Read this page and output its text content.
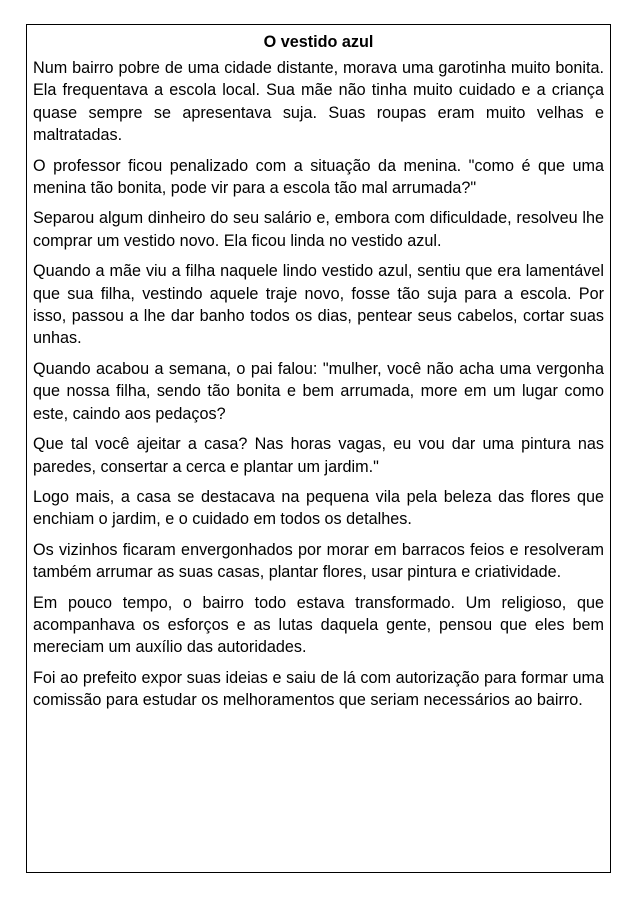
O vestido azul

Num bairro pobre de uma cidade distante, morava uma garotinha muito bonita. Ela frequentava a escola local. Sua mãe não tinha muito cuidado e a criança quase sempre se apresentava suja. Suas roupas eram muito velhas e maltratadas.

O professor ficou penalizado com a situação da menina. "como é que uma menina tão bonita, pode vir para a escola tão mal arrumada?"

Separou algum dinheiro do seu salário e, embora com dificuldade, resolveu lhe comprar um vestido novo. Ela ficou linda no vestido azul.

Quando a mãe viu a filha naquele lindo vestido azul, sentiu que era lamentável que sua filha, vestindo aquele traje novo, fosse tão suja para a escola. Por isso, passou a lhe dar banho todos os dias, pentear seus cabelos, cortar suas unhas.

Quando acabou a semana, o pai falou: "mulher, você não acha uma vergonha que nossa filha, sendo tão bonita e bem arrumada, more em um lugar como este, caindo aos pedaços?

Que tal você ajeitar a casa? Nas horas vagas, eu vou dar uma pintura nas paredes, consertar a cerca e plantar um jardim."

Logo mais, a casa se destacava na pequena vila pela beleza das flores que enchiam o jardim, e o cuidado em todos os detalhes.

Os vizinhos ficaram envergonhados por morar em barracos feios e resolveram também arrumar as suas casas, plantar flores, usar pintura e criatividade.

Em pouco tempo, o bairro todo estava transformado. Um religioso, que acompanhava os esforços e as lutas daquela gente, pensou que eles bem mereciam um auxílio das autoridades.

Foi ao prefeito expor suas ideias e saiu de lá com autorização para formar uma comissão para estudar os melhoramentos que seriam necessários ao bairro.
